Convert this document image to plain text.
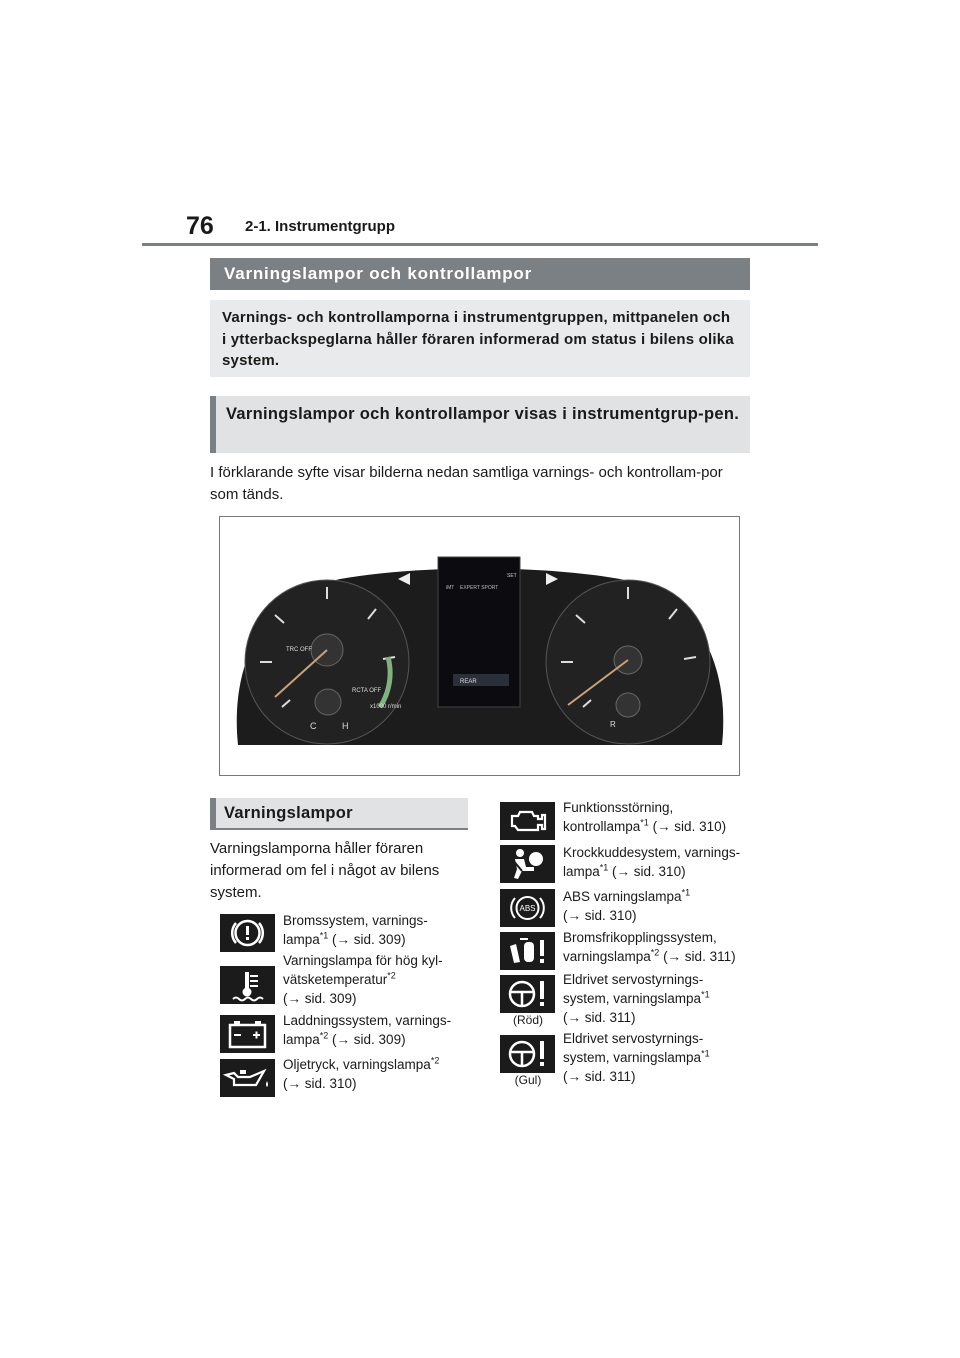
76 2-1. Instrumentgrupp
Varningslampor och kontrollampor
Varnings- och kontrollamporna i instrumentgruppen, mittpanelen och i ytterbackspeglarna håller föraren informerad om status i bilens olika system.
Varningslampor och kontrollampor visas i instrumentgrup-pen.
I förklarande syfte visar bilderna nedan samtliga varnings- och kontrollam-por som tänds.
TRC OFF
RCTA OFF
x1000 r/min
C	H
iMT EXPERT SPORT
REAR
SET
R
Varningslampor
Varningslamporna håller föraren informerad om fel i något av bilens system.
Bromssystem, varnings-
lampa$^{*1}$ (→ sid. 309)
Varningslampa för hög kyl-
vätsketemperatur$^{*2}$
(→ sid. 309)
Laddningssystem, varnings-
lampa$^{*2}$ (→ sid. 309)
Oljetryck, varningslampa$^{*2}$
(→ sid. 310)
Funktionsstörning,
kontrollampa$^{*1}$ (→ sid. 310)
Krockkuddesystem, varnings-
lampa$^{*1}$ (→ sid. 310)
ABS
ABS varningslampa$^{*1}$
(→ sid. 310)
Bromsfrikopplingssystem,
varningslampa$^{*2}$ (→ sid. 311)
(Röd)
Eldrivet servostyrnings-
system, varningslampa$^{*1}$
(→ sid. 311)
(Gul)
Eldrivet servostyrnings-
system, varningslampa$^{*1}$
(→ sid. 311)
